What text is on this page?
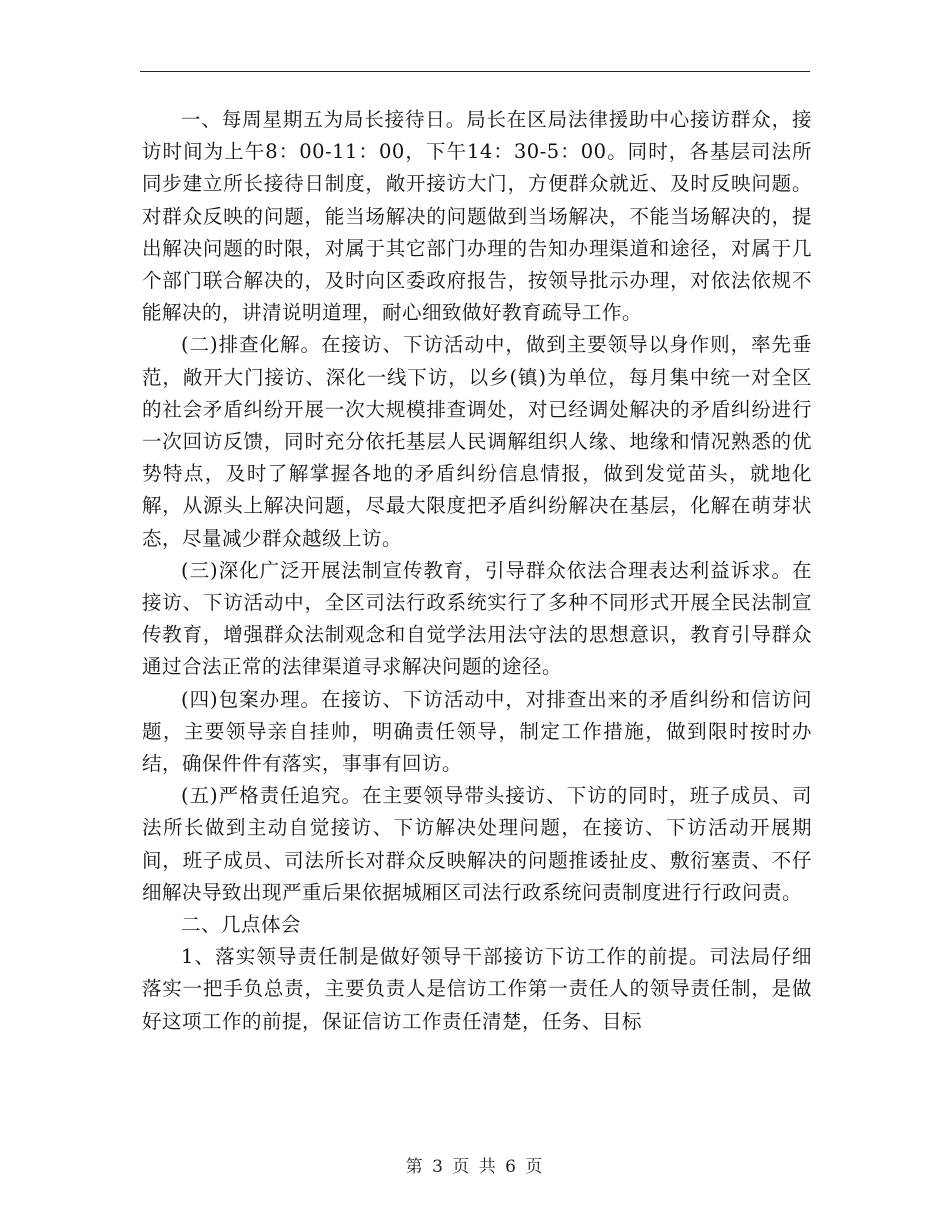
一、每周星期五为局长接待日。局长在区局法律援助中心接访群众，接访时间为上午8：00-11：00，下午14：30-5：00。同时，各基层司法所同步建立所长接待日制度，敞开接访大门，方便群众就近、及时反映问题。对群众反映的问题，能当场解决的问题做到当场解决，不能当场解决的，提出解决问题的时限，对属于其它部门办理的告知办理渠道和途径，对属于几个部门联合解决的，及时向区委政府报告，按领导批示办理，对依法依规不能解决的，讲清说明道理，耐心细致做好教育疏导工作。

(二)排查化解。在接访、下访活动中，做到主要领导以身作则，率先垂范，敞开大门接访、深化一线下访，以乡(镇)为单位，每月集中统一对全区的社会矛盾纠纷开展一次大规模排查调处，对已经调处解决的矛盾纠纷进行一次回访反馈，同时充分依托基层人民调解组织人缘、地缘和情况熟悉的优势特点，及时了解掌握各地的矛盾纠纷信息情报，做到发觉苗头，就地化解，从源头上解决问题，尽最大限度把矛盾纠纷解决在基层，化解在萌芽状态，尽量减少群众越级上访。

(三)深化广泛开展法制宣传教育，引导群众依法合理表达利益诉求。在接访、下访活动中，全区司法行政系统实行了多种不同形式开展全民法制宣传教育，增强群众法制观念和自觉学法用法守法的思想意识，教育引导群众通过合法正常的法律渠道寻求解决问题的途径。

(四)包案办理。在接访、下访活动中，对排查出来的矛盾纠纷和信访问题，主要领导亲自挂帅，明确责任领导，制定工作措施，做到限时按时办结，确保件件有落实，事事有回访。

(五)严格责任追究。在主要领导带头接访、下访的同时，班子成员、司法所长做到主动自觉接访、下访解决处理问题，在接访、下访活动开展期间，班子成员、司法所长对群众反映解决的问题推诿扯皮、敷衍塞责、不仔细解决导致出现严重后果依据城厢区司法行政系统问责制度进行行政问责。

二、几点体会

1、落实领导责任制是做好领导干部接访下访工作的前提。司法局仔细落实一把手负总责，主要负责人是信访工作第一责任人的领导责任制，是做好这项工作的前提，保证信访工作责任清楚，任务、目标

第 3 页 共 6 页
